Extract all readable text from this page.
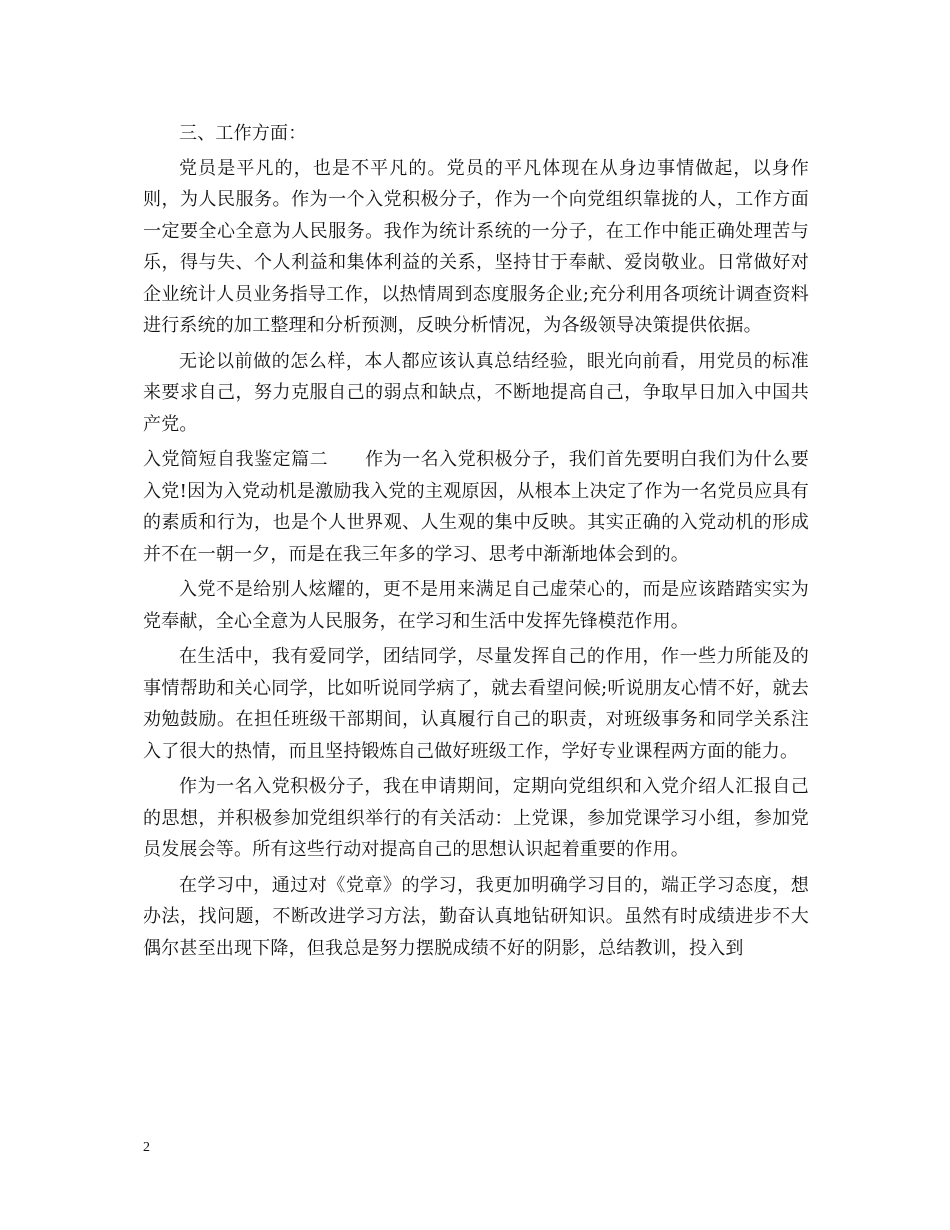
三、工作方面：

党员是平凡的，也是不平凡的。党员的平凡体现在从身边事情做起，以身作则，为人民服务。作为一个入党积极分子，作为一个向党组织靠拢的人，工作方面一定要全心全意为人民服务。我作为统计系统的一分子，在工作中能正确处理苦与乐，得与失、个人利益和集体利益的关系，坚持甘于奉献、爱岗敬业。日常做好对企业统计人员业务指导工作，以热情周到态度服务企业;充分利用各项统计调查资料进行系统的加工整理和分析预测，反映分析情况，为各级领导决策提供依据。

无论以前做的怎么样，本人都应该认真总结经验，眼光向前看，用党员的标准来要求自己，努力克服自己的弱点和缺点，不断地提高自己，争取早日加入中国共产党。

入党简短自我鉴定篇二　　作为一名入党积极分子，我们首先要明白我们为什么要入党!因为入党动机是激励我入党的主观原因，从根本上决定了作为一名党员应具有的素质和行为，也是个人世界观、人生观的集中反映。其实正确的入党动机的形成并不在一朝一夕，而是在我三年多的学习、思考中渐渐地体会到的。

入党不是给别人炫耀的，更不是用来满足自己虚荣心的，而是应该踏踏实实为党奉献，全心全意为人民服务，在学习和生活中发挥先锋模范作用。

在生活中，我有爱同学，团结同学，尽量发挥自己的作用，作一些力所能及的事情帮助和关心同学，比如听说同学病了，就去看望问候;听说朋友心情不好，就去劝勉鼓励。在担任班级干部期间，认真履行自己的职责，对班级事务和同学关系注入了很大的热情，而且坚持锻炼自己做好班级工作，学好专业课程两方面的能力。

作为一名入党积极分子，我在申请期间，定期向党组织和入党介绍人汇报自己的思想，并积极参加党组织举行的有关活动：上党课，参加党课学习小组，参加党员发展会等。所有这些行动对提高自己的思想认识起着重要的作用。

在学习中，通过对《党章》的学习，我更加明确学习目的，端正学习态度，想办法，找问题，不断改进学习方法，勤奋认真地钻研知识。虽然有时成绩进步不大偶尔甚至出现下降，但我总是努力摆脱成绩不好的阴影，总结教训，投入到

2
